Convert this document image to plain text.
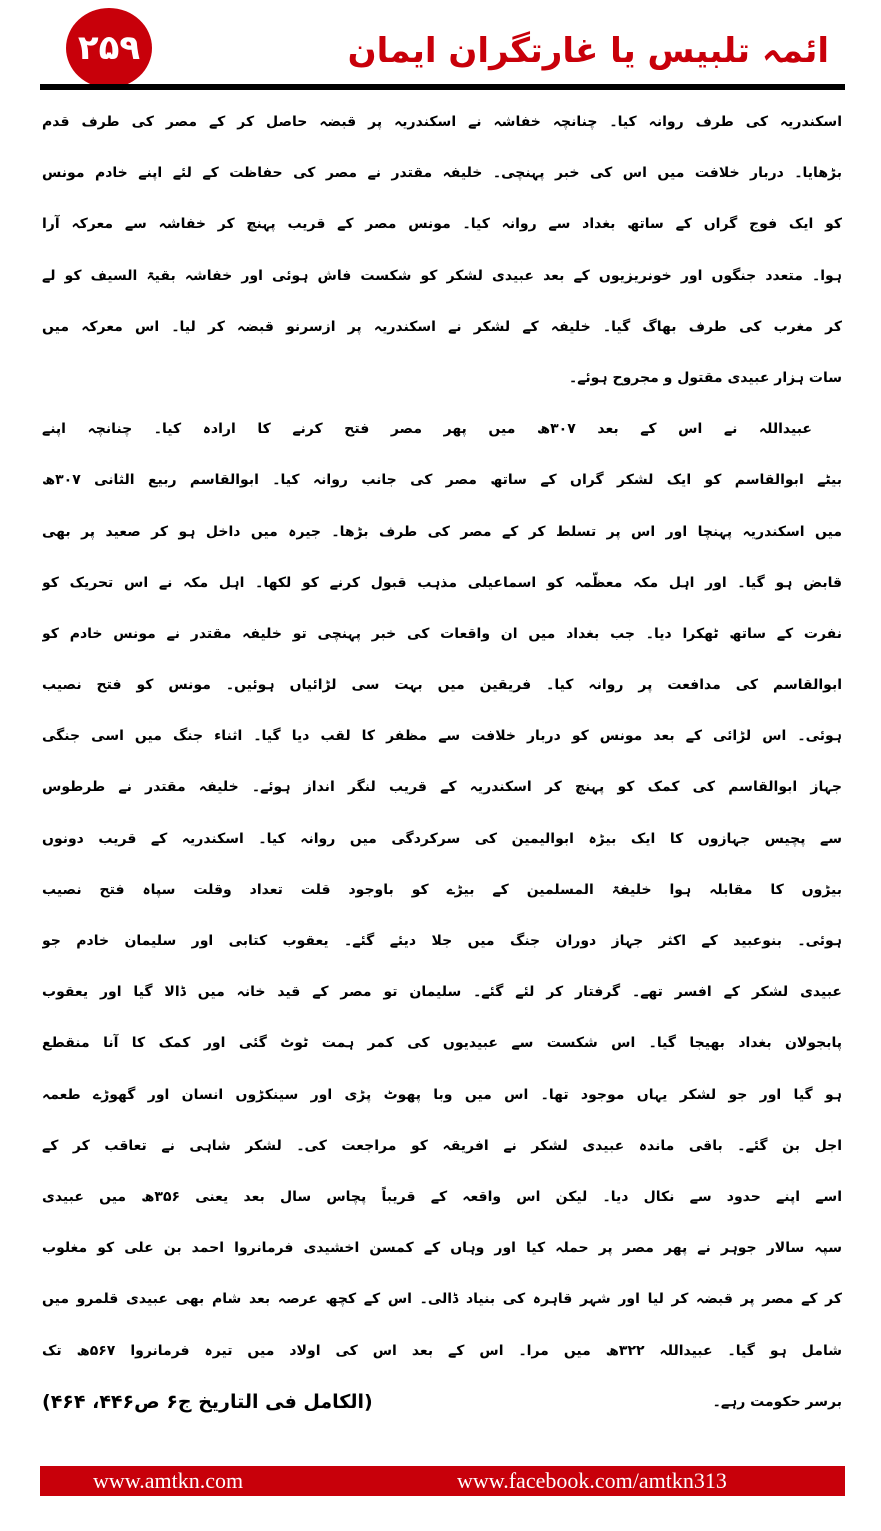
۲۵۹	ائمہ تلبیس یا غارتگران ایمان
اسکندریہ کی طرف روانہ کیا۔ چنانچہ خفاشہ نے اسکندریہ پر قبضہ حاصل کر کے مصر کی طرف قدم
بڑھایا۔ دربار خلافت میں اس کی خبر پہنچی۔ خلیفہ مقتدر نے مصر کی حفاظت کے لئے اپنے خادم مونس
کو ایک فوج گراں کے ساتھ بغداد سے روانہ کیا۔ مونس مصر کے قریب پہنچ کر خفاشہ سے معرکہ آرا
ہوا۔ متعدد جنگوں اور خونریزیوں کے بعد عبیدی لشکر کو شکست فاش ہوئی اور خفاشہ بقیۃ السیف کو لے
کر مغرب کی طرف بھاگ گیا۔ خلیفہ کے لشکر نے اسکندریہ پر ازسرنو قبضہ کر لیا۔ اس معرکہ میں
سات ہزار عبیدی مقتول و مجروح ہوئے۔
عبیداللہ نے اس کے بعد ۳۰۷ھ میں پھر مصر فتح کرنے کا ارادہ کیا۔ چنانچہ اپنے
بیٹے ابوالقاسم کو ایک لشکر گراں کے ساتھ مصر کی جانب روانہ کیا۔ ابوالقاسم ربیع الثانی ۳۰۷ھ
میں اسکندریہ پہنچا اور اس پر تسلط کر کے مصر کی طرف بڑھا۔ جیرہ میں داخل ہو کر صعید پر بھی
قابض ہو گیا۔ اور اہل مکہ معظّمہ کو اسماعیلی مذہب قبول کرنے کو لکھا۔ اہل مکہ نے اس تحریک کو
نفرت کے ساتھ ٹھکرا دیا۔ جب بغداد میں ان واقعات کی خبر پہنچی تو خلیفہ مقتدر نے مونس خادم کو
ابوالقاسم کی مدافعت پر روانہ کیا۔ فریقین میں بہت سی لڑائیاں ہوئیں۔ مونس کو فتح نصیب
ہوئی۔ اس لڑائی کے بعد مونس کو دربار خلافت سے مظفر کا لقب دیا گیا۔ اثناء جنگ میں اسی جنگی
جہاز ابوالقاسم کی کمک کو پہنچ کر اسکندریہ کے قریب لنگر انداز ہوئے۔ خلیفہ مقتدر نے طرطوس
سے پچیس جہازوں کا ایک بیڑہ ابوالیمین کی سرکردگی میں روانہ کیا۔ اسکندریہ کے قریب دونوں
بیڑوں کا مقابلہ ہوا خلیفۃ المسلمین کے بیڑے کو باوجود قلت تعداد وقلت سپاہ فتح نصیب
ہوئی۔ بنوعبید کے اکثر جہاز دوران جنگ میں جلا دیئے گئے۔ یعقوب کتابی اور سلیمان خادم جو
عبیدی لشکر کے افسر تھے۔ گرفتار کر لئے گئے۔ سلیمان تو مصر کے قید خانہ میں ڈالا گیا اور یعقوب
پابجولان بغداد بھیجا گیا۔ اس شکست سے عبیدیوں کی کمر ہمت ٹوٹ گئی اور کمک کا آنا منقطع
ہو گیا اور جو لشکر یہاں موجود تھا۔ اس میں وبا پھوٹ پڑی اور سینکڑوں انسان اور گھوڑے طعمہ
اجل بن گئے۔ باقی ماندہ عبیدی لشکر نے افریقہ کو مراجعت کی۔ لشکر شاہی نے تعاقب کر کے
اسے اپنے حدود سے نکال دیا۔ لیکن اس واقعہ کے قریباً پچاس سال بعد یعنی ۳۵۶ھ میں عبیدی
سپہ سالار جوہر نے پھر مصر پر حملہ کیا اور وہاں کے کمسن اخشیدی فرمانروا احمد بن علی کو مغلوب
کر کے مصر پر قبضہ کر لیا اور شہر قاہرہ کی بنیاد ڈالی۔ اس کے کچھ عرصہ بعد شام بھی عبیدی قلمرو میں
شامل ہو گیا۔ عبیداللہ ۳۲۲ھ میں مرا۔ اس کے بعد اس کی اولاد میں تیرہ فرمانروا ۵۶۷ھ تک
برسر حکومت رہے۔
(الکامل فی التاریخ ج۶ ص۴۴۶، ۴۶۴)
www.amtkn.com	www.facebook.com/amtkn313
